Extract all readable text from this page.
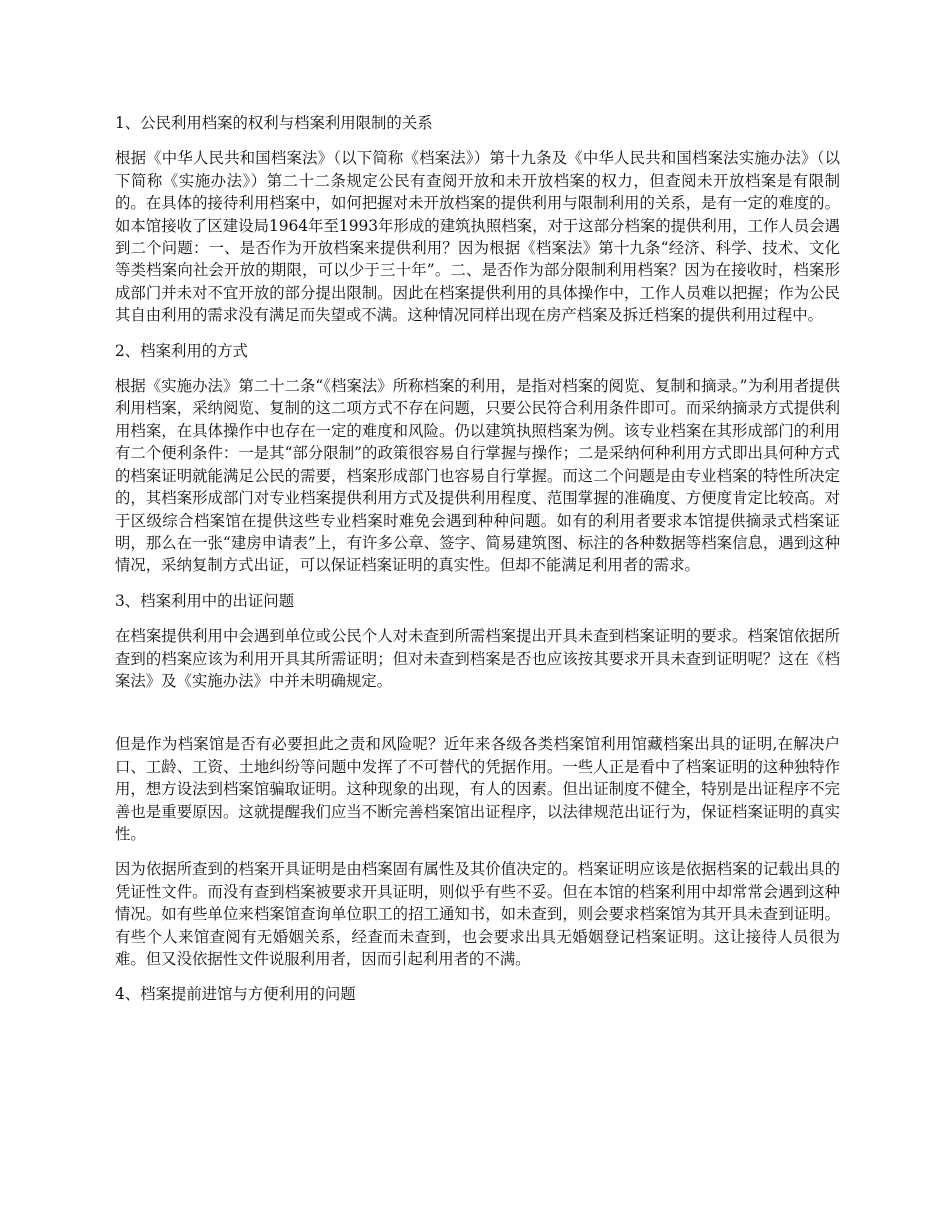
1、公民利用档案的权利与档案利用限制的关系

根据《中华人民共和国档案法》（以下简称《档案法》）第十九条及《中华人民共和国档案法实施办法》（以下简称《实施办法》）第二十二条规定公民有查阅开放和未开放档案的权力，但查阅未开放档案是有限制的。在具体的接待利用档案中，如何把握对未开放档案的提供利用与限制利用的关系，是有一定的难度的。如本馆接收了区建设局1964年至1993年形成的建筑执照档案，对于这部分档案的提供利用，工作人员会遇到二个问题：一、是否作为开放档案来提供利用？因为根据《档案法》第十九条“经济、科学、技术、文化等类档案向社会开放的期限，可以少于三十年”。二、是否作为部分限制利用档案？因为在接收时，档案形成部门并未对不宜开放的部分提出限制。因此在档案提供利用的具体操作中，工作人员难以把握；作为公民其自由利用的需求没有满足而失望或不满。这种情况同样出现在房产档案及拆迁档案的提供利用过程中。

2、档案利用的方式

根据《实施办法》第二十二条“《档案法》所称档案的利用，是指对档案的阅览、复制和摘录。”为利用者提供利用档案，采纳阅览、复制的这二项方式不存在问题，只要公民符合利用条件即可。而采纳摘录方式提供利用档案，在具体操作中也存在一定的难度和风险。仍以建筑执照档案为例。该专业档案在其形成部门的利用有二个便利条件：一是其“部分限制”的政策很容易自行掌握与操作；二是采纳何种利用方式即出具何种方式的档案证明就能满足公民的需要，档案形成部门也容易自行掌握。而这二个问题是由专业档案的特性所决定的，其档案形成部门对专业档案提供利用方式及提供利用程度、范围掌握的准确度、方便度肯定比较高。对于区级综合档案馆在提供这些专业档案时难免会遇到种种问题。如有的利用者要求本馆提供摘录式档案证明，那么在一张“建房申请表”上，有许多公章、签字、简易建筑图、标注的各种数据等档案信息，遇到这种情况，采纳复制方式出证，可以保证档案证明的真实性。但却不能满足利用者的需求。

3、档案利用中的出证问题

在档案提供利用中会遇到单位或公民个人对未查到所需档案提出开具未查到档案证明的要求。档案馆依据所查到的档案应该为利用开具其所需证明；但对未查到档案是否也应该按其要求开具未查到证明呢？这在《档案法》及《实施办法》中并未明确规定。

但是作为档案馆是否有必要担此之责和风险呢？近年来各级各类档案馆利用馆藏档案出具的证明,在解决户口、工龄、工资、土地纠纷等问题中发挥了不可替代的凭据作用。一些人正是看中了档案证明的这种独特作用，想方设法到档案馆骗取证明。这种现象的出现，有人的因素。但出证制度不健全，特别是出证程序不完善也是重要原因。这就提醒我们应当不断完善档案馆出证程序，以法律规范出证行为，保证档案证明的真实性。

因为依据所查到的档案开具证明是由档案固有属性及其价值决定的。档案证明应该是依据档案的记载出具的凭证性文件。而没有查到档案被要求开具证明，则似乎有些不妥。但在本馆的档案利用中却常常会遇到这种情况。如有些单位来档案馆查询单位职工的招工通知书，如未查到，则会要求档案馆为其开具未查到证明。有些个人来馆查阅有无婚姻关系，经查而未查到，也会要求出具无婚姻登记档案证明。这让接待人员很为难。但又没依据性文件说服利用者，因而引起利用者的不满。

4、档案提前进馆与方便利用的问题
